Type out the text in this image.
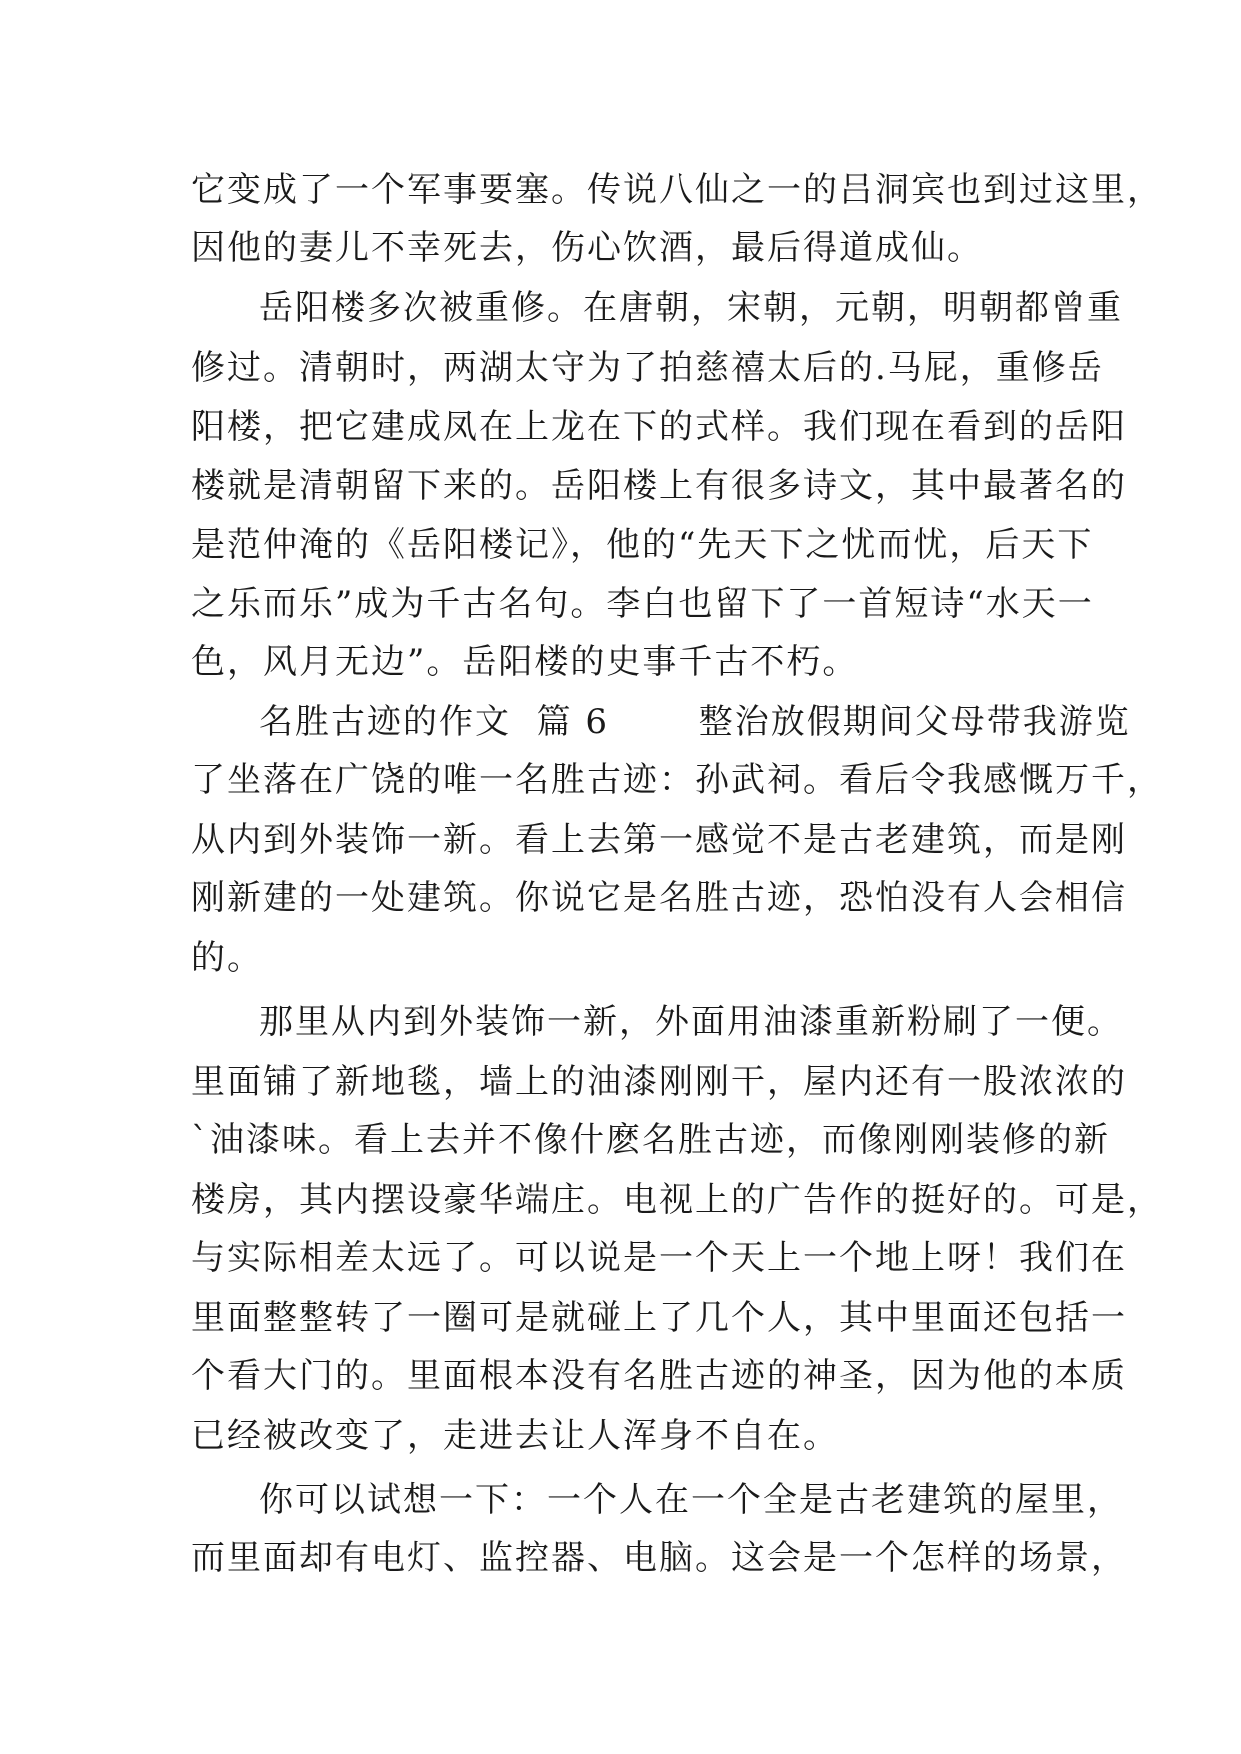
它变成了一个军事要塞。传说八仙之一的吕洞宾也到过这里，
因他的妻儿不幸死去，伤心饮酒，最后得道成仙。
岳阳楼多次被重修。在唐朝，宋朝，元朝，明朝都曾重
修过。清朝时，两湖太守为了拍慈禧太后的.马屁，重修岳
阳楼，把它建成凤在上龙在下的式样。我们现在看到的岳阳
楼就是清朝留下来的。岳阳楼上有很多诗文，其中最著名的
是范仲淹的《岳阳楼记》，他的“先天下之忧而忧，后天下
之乐而乐”成为千古名句。李白也留下了一首短诗“水天一
色，风月无边”。岳阳楼的史事千古不朽。
名胜古迹的作文  篇 6       整治放假期间父母带我游览
了坐落在广饶的唯一名胜古迹：孙武祠。看后令我感慨万千，
从内到外装饰一新。看上去第一感觉不是古老建筑，而是刚
刚新建的一处建筑。你说它是名胜古迹，恐怕没有人会相信
的。
那里从内到外装饰一新，外面用油漆重新粉刷了一便。
里面铺了新地毯，墙上的油漆刚刚干，屋内还有一股浓浓的
`油漆味。看上去并不像什麽名胜古迹，而像刚刚装修的新
楼房，其内摆设豪华端庄。电视上的广告作的挺好的。可是，
与实际相差太远了。可以说是一个天上一个地上呀！我们在
里面整整转了一圈可是就碰上了几个人，其中里面还包括一
个看大门的。里面根本没有名胜古迹的神圣，因为他的本质
已经被改变了，走进去让人浑身不自在。
你可以试想一下：一个人在一个全是古老建筑的屋里，
而里面却有电灯、监控器、电脑。这会是一个怎样的场景，
